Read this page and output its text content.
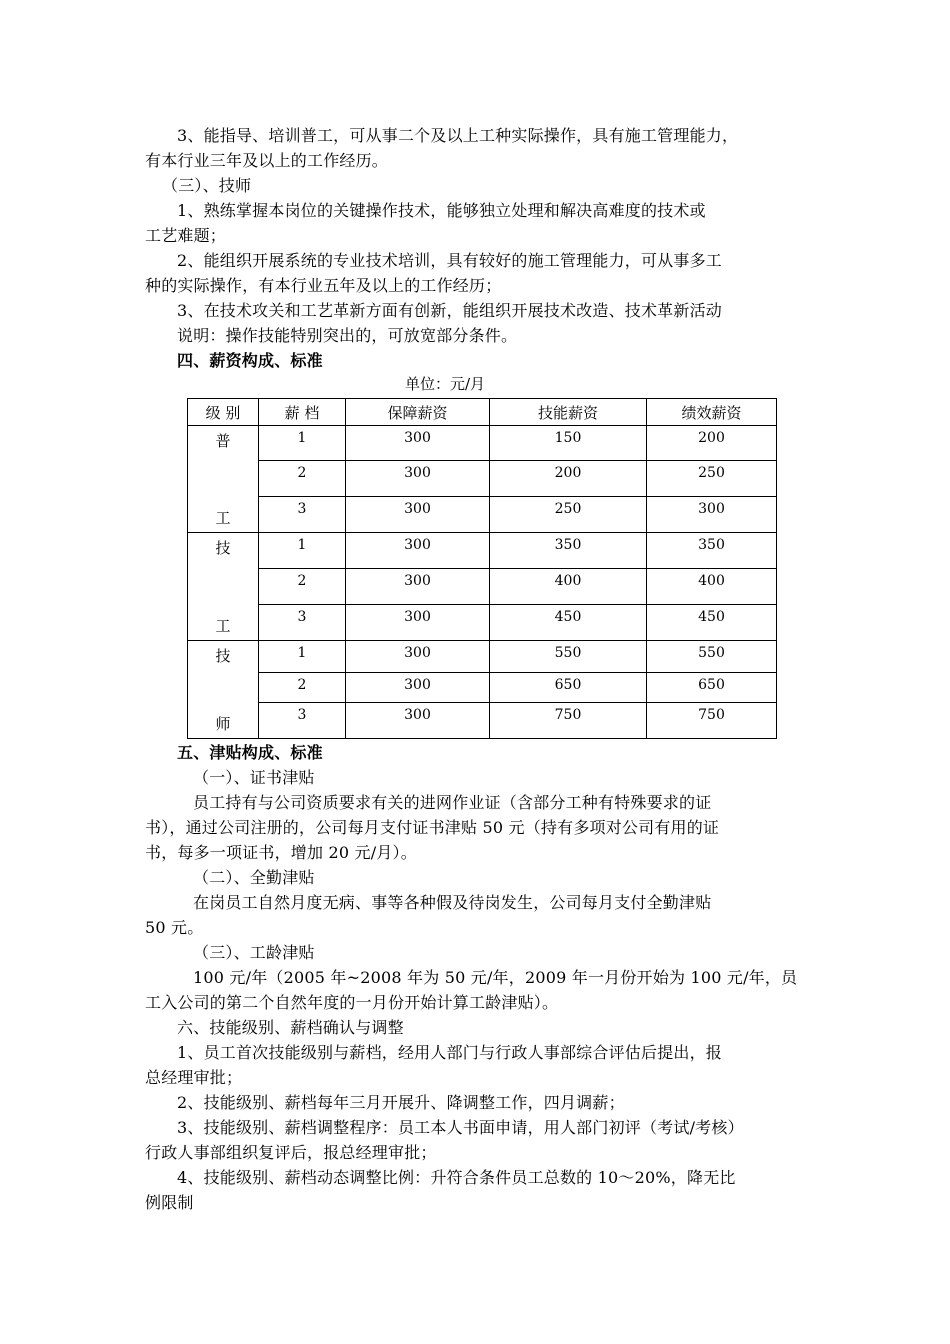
3、能指导、培训普工，可从事二个及以上工种实际操作，具有施工管理能力，
有本行业三年及以上的工作经历。
（三）、技师
1、熟练掌握本岗位的关键操作技术，能够独立处理和解决高难度的技术或
工艺难题；
2、能组织开展系统的专业技术培训，具有较好的施工管理能力，可从事多工
种的实际操作，有本行业五年及以上的工作经历；
3、在技术攻关和工艺革新方面有创新，能组织开展技术改造、技术革新活动
说明：操作技能特别突出的，可放宽部分条件。
四、薪资构成、标准
单位：元/月
级 别	薪 档	保障薪资	技能薪资	绩效薪资

普
工	1	300	150	200
	2	300	200	250
	3	300	250	300

技
工	1	300	350	350
	2	300	400	400
	3	300	450	450

技
师	1	300	550	550
	2	300	650	650
	3	300	750	750
五、津贴构成、标准
（一）、证书津贴
员工持有与公司资质要求有关的进网作业证（含部分工种有特殊要求的证
书），通过公司注册的，公司每月支付证书津贴 50 元（持有多项对公司有用的证
书，每多一项证书，增加 20 元/月）。
（二）、全勤津贴
在岗员工自然月度无病、事等各种假及待岗发生，公司每月支付全勤津贴
50 元。
（三）、工龄津贴
100 元/年（2005 年~2008 年为 50 元/年，2009 年一月份开始为 100 元/年，员
工入公司的第二个自然年度的一月份开始计算工龄津贴）。
六、技能级别、薪档确认与调整
1、员工首次技能级别与薪档，经用人部门与行政人事部综合评估后提出，报
总经理审批；
2、技能级别、薪档每年三月开展升、降调整工作，四月调薪；
3、技能级别、薪档调整程序：员工本人书面申请，用人部门初评（考试/考核）
行政人事部组织复评后，报总经理审批；
4、技能级别、薪档动态调整比例：升符合条件员工总数的 10～20%，降无比
例限制
